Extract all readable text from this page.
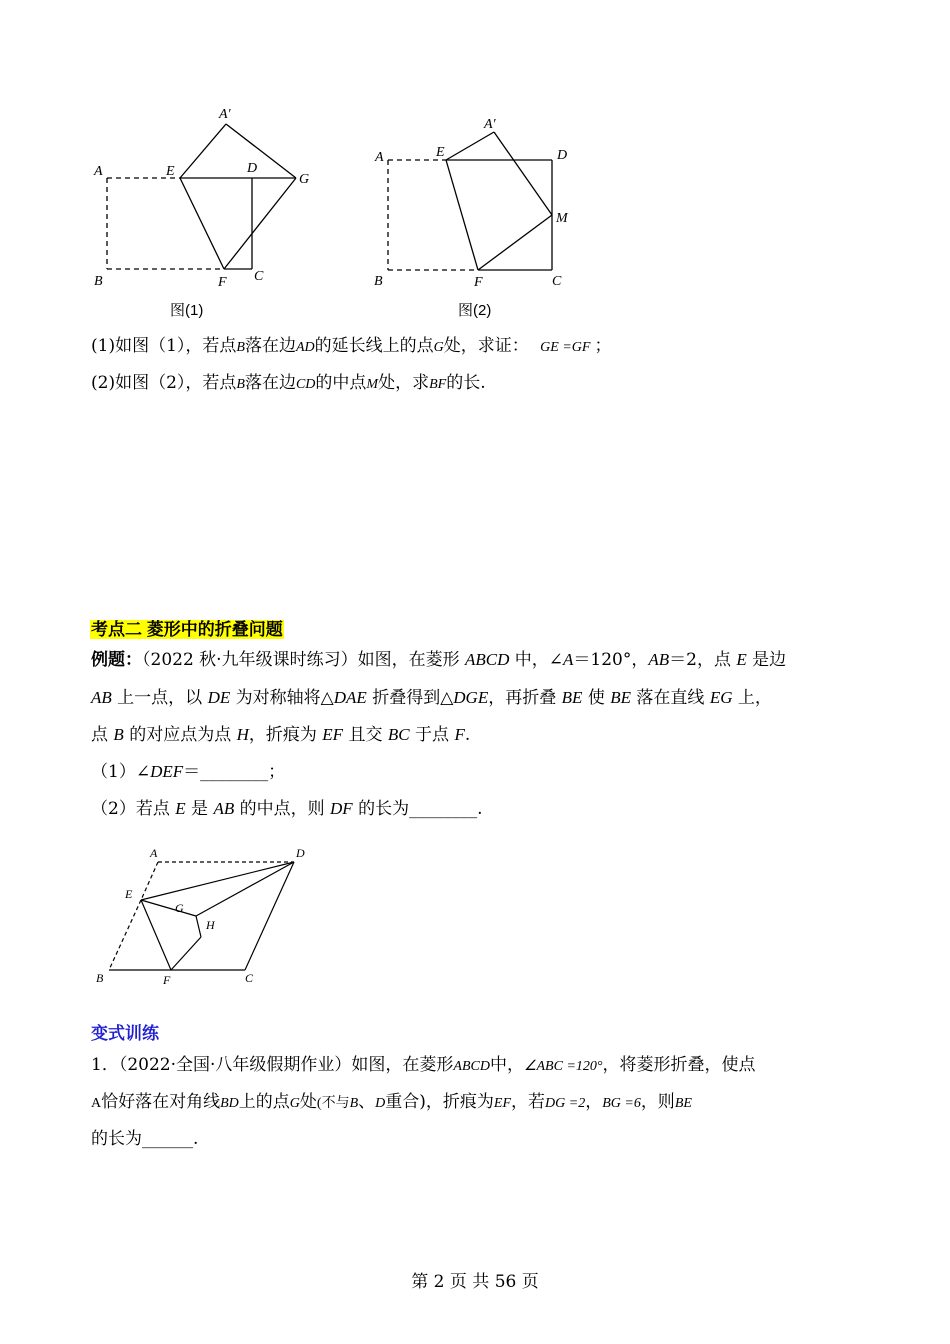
A
A′
E	D
G
B	F C
图(1)
A
A′
E	D
M
B	F	C
图(2)
(1)如图（1），若点B落在边AD的延长线上的点G处，求证： GE =GF ；
(2)如图（2），若点B落在边CD的中点M处，求BF的长.
考点二 菱形中的折叠问题
例题：（2022 秋·九年级课时练习）如图，在菱形 ABCD 中，∠A＝120°，AB＝2，点 E 是边
AB 上一点，以 DE 为对称轴将△DAE 折叠得到△DGE，再折叠 BE 使 BE 落在直线 EG 上，
点 B 的对应点为点 H，折痕为 EF 且交 BC 于点 F.
（1）∠DEF＝________；
（2）若点 E 是 AB 的中点，则 DF 的长为________.
A	D
E
G
H
B	F	C
变式训练
1．（2022·全国·八年级假期作业）如图，在菱形ABCD中，∠ABC =120°，将菱形折叠，使点
A恰好落在对角线BD上的点G处(不与B、D重合)，折痕为EF，若DG =2，BG =6，则BE
的长为______.
第 2 页 共 56 页
